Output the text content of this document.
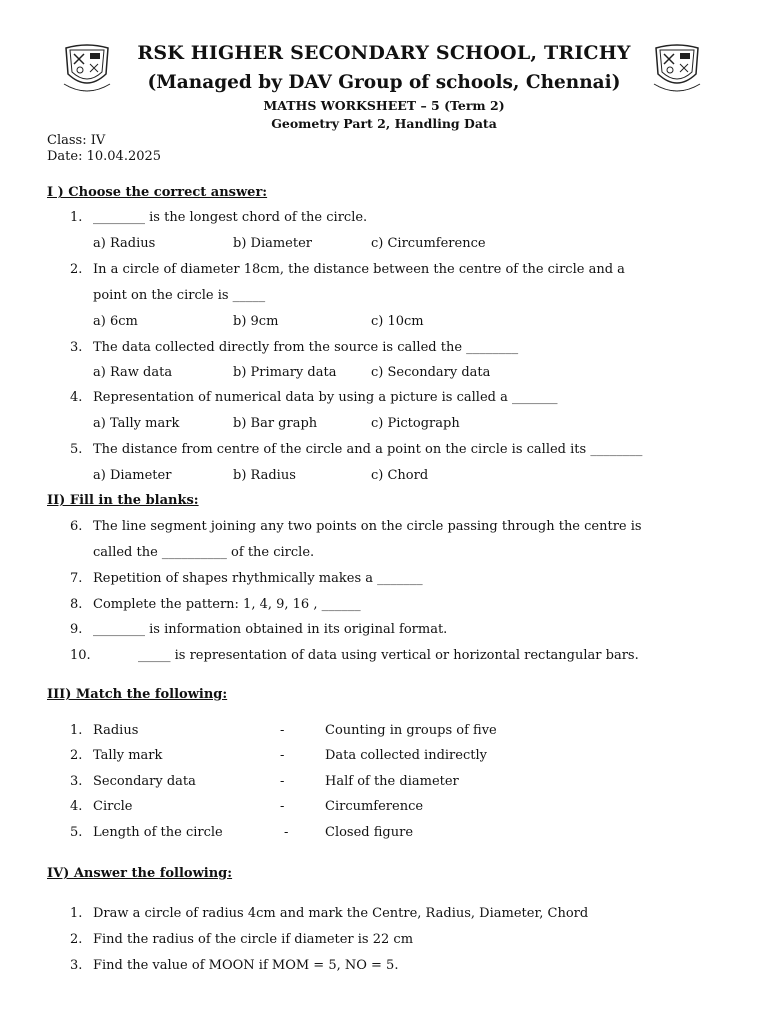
RSK HIGHER SECONDARY SCHOOL, TRICHY
(Managed by DAV Group of schools, Chennai)
MATHS WORKSHEET – 5 (Term 2)
Geometry Part 2, Handling Data
Class: IV
Date: 10.04.2025
I ) Choose the correct answer:
1. ________ is the longest chord of the circle.
a) Radius	b) Diameter	c) Circumference
2. In a circle of diameter 18cm, the distance between the centre of the circle and a
point on the circle is _____
a) 6cm	b) 9cm	c) 10cm
3. The data collected directly from the source is called the ________
a) Raw data	b) Primary data	c) Secondary data
4. Representation of numerical data by using a picture is called a _______
a) Tally mark	b) Bar graph	c) Pictograph
5. The distance from centre of the circle and a point on the circle is called its ________
a) Diameter	b) Radius	c) Chord
II) Fill in the blanks:
6. The line segment joining any two points on the circle passing through the centre is
called the __________ of the circle.
7. Repetition of shapes rhythmically makes a _______
8. Complete the pattern: 1, 4, 9, 16 , ______
9. ________ is information obtained in its original format.
10.	_____ is representation of data using vertical or horizontal rectangular bars.
III) Match the following:
1. Radius	-	Counting in groups of five
2. Tally mark	-	Data collected indirectly
3. Secondary data	-	Half of the diameter
4. Circle	-	Circumference
5. Length of the circle	-	Closed figure
IV) Answer the following:
1. Draw a circle of radius 4cm and mark the Centre, Radius, Diameter, Chord
2. Find the radius of the circle if diameter is 22 cm
3. Find the value of MOON if MOM = 5, NO = 5.
